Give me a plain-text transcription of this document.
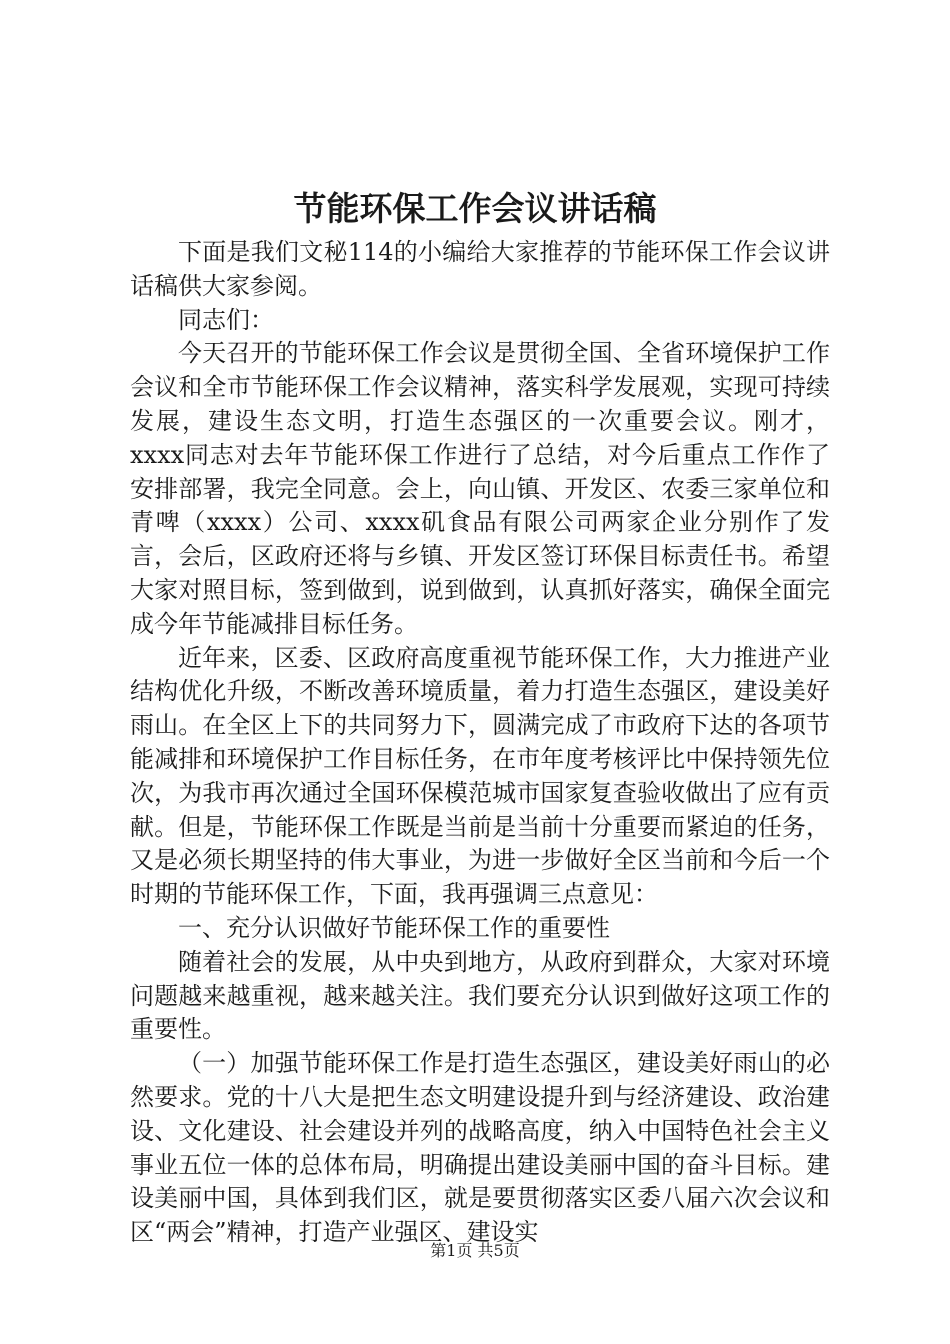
节能环保工作会议讲话稿

下面是我们文秘114的小编给大家推荐的节能环保工作会议讲话稿供大家参阅。

同志们：

今天召开的节能环保工作会议是贯彻全国、全省环境保护工作会议和全市节能环保工作会议精神，落实科学发展观，实现可持续发展，建设生态文明，打造生态强区的一次重要会议。刚才，xxxx同志对去年节能环保工作进行了总结，对今后重点工作作了安排部署，我完全同意。会上，向山镇、开发区、农委三家单位和青啤（xxxx）公司、xxxx矶食品有限公司两家企业分别作了发言，会后，区政府还将与乡镇、开发区签订环保目标责任书。希望大家对照目标，签到做到，说到做到，认真抓好落实，确保全面完成今年节能减排目标任务。

近年来，区委、区政府高度重视节能环保工作，大力推进产业结构优化升级，不断改善环境质量，着力打造生态强区，建设美好雨山。在全区上下的共同努力下，圆满完成了市政府下达的各项节能减排和环境保护工作目标任务，在市年度考核评比中保持领先位次，为我市再次通过全国环保模范城市国家复查验收做出了应有贡献。但是，节能环保工作既是当前是当前十分重要而紧迫的任务，又是必须长期坚持的伟大事业，为进一步做好全区当前和今后一个时期的节能环保工作，下面，我再强调三点意见：

一、充分认识做好节能环保工作的重要性

随着社会的发展，从中央到地方，从政府到群众，大家对环境问题越来越重视，越来越关注。我们要充分认识到做好这项工作的重要性。

（一）加强节能环保工作是打造生态强区，建设美好雨山的必然要求。党的十八大是把生态文明建设提升到与经济建设、政治建设、文化建设、社会建设并列的战略高度，纳入中国特色社会主义事业五位一体的总体布局，明确提出建设美丽中国的奋斗目标。建设美丽中国，具体到我们区，就是要贯彻落实区委八届六次会议和区“两会”精神，打造产业强区、建设实

第1页 共5页
